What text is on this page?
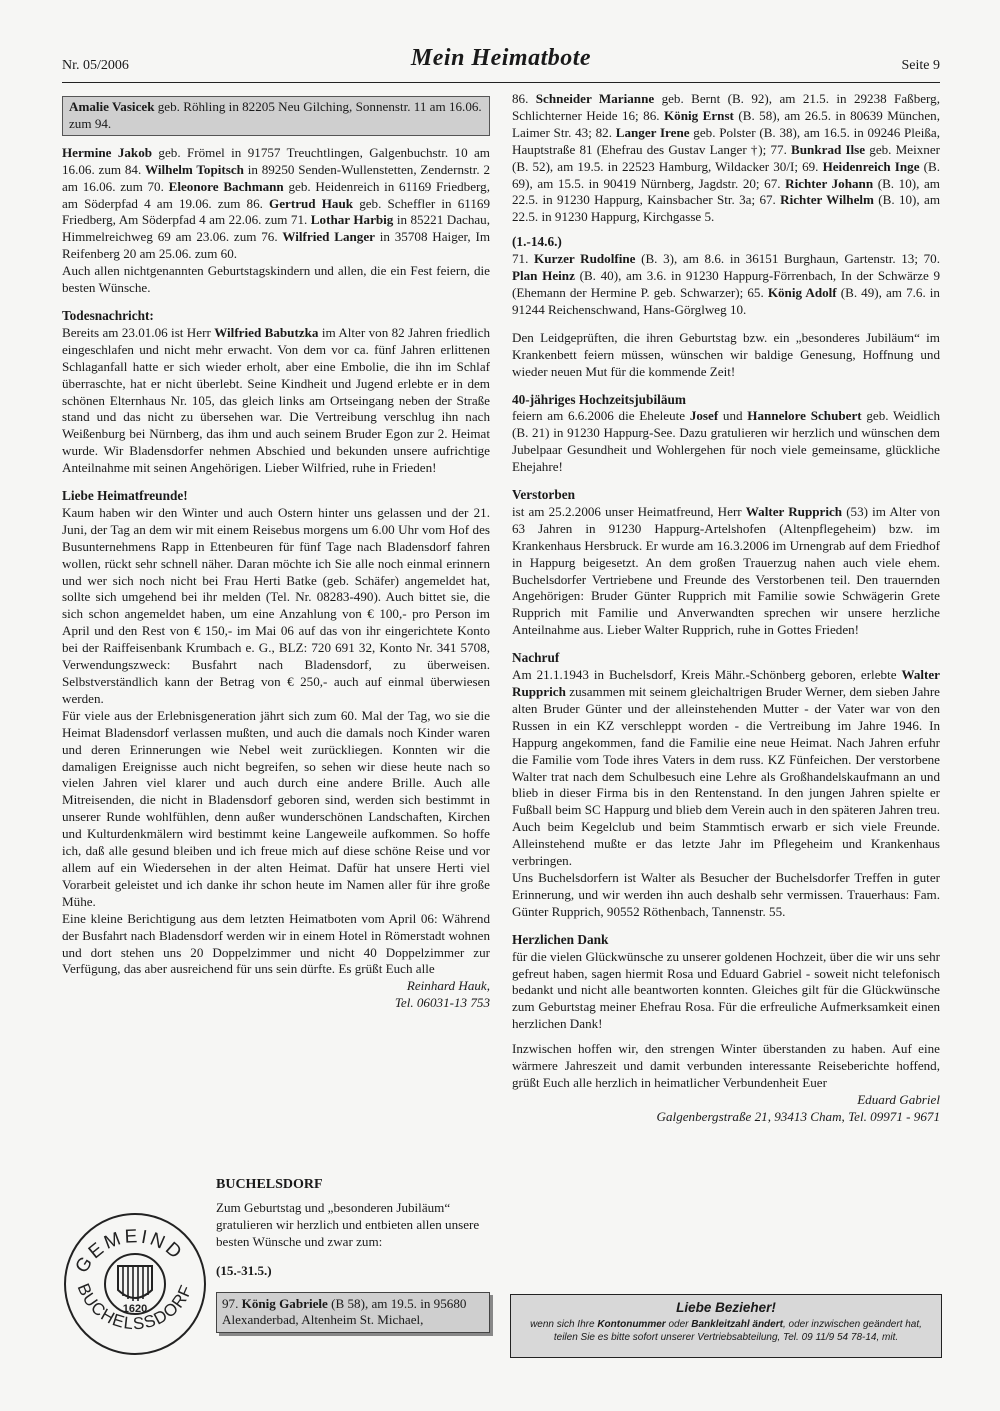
Nr. 05/2006	Mein Heimatbote	Seite 9
Amalie Vasicek geb. Röhling in 82205 Neu Gilching, Sonnenstr. 11 am 16.06. zum 94.

Hermine Jakob geb. Frömel in 91757 Treuchtlingen, Galgenbuchstr. 10 am 16.06. zum 84. Wilhelm Topitsch in 89250 Senden-Wullenstetten, Zendernstr. 2 am 16.06. zum 70. Eleonore Bachmann geb. Heidenreich in 61169 Friedberg, am Söderpfad 4 am 19.06. zum 86. Gertrud Hauk geb. Scheffler in 61169 Friedberg, Am Söderpfad 4 am 22.06. zum 71. Lothar Harbig in 85221 Dachau, Himmelreichweg 69 am 23.06. zum 76. Wilfried Langer in 35708 Haiger, Im Reifenberg 20 am 25.06. zum 60.

Auch allen nichtgenannten Geburtstagskindern und allen, die ein Fest feiern, die besten Wünsche.

Todesnachricht:

Bereits am 23.01.06 ist Herr Wilfried Babutzka im Alter von 82 Jahren friedlich eingeschlafen und nicht mehr erwacht. Von dem vor ca. fünf Jahren erlittenen Schlaganfall hatte er sich wieder erholt, aber eine Embolie, die ihn im Schlaf überraschte, hat er nicht überlebt. Seine Kindheit und Jugend erlebte er in dem schönen Elternhaus Nr. 105, das gleich links am Ortseingang neben der Straße stand und das nicht zu übersehen war. Die Vertreibung verschlug ihn nach Weißenburg bei Nürnberg, das ihm und auch seinem Bruder Egon zur 2. Heimat wurde. Wir Bladensdorfer nehmen Abschied und bekunden unsere aufrichtige Anteilnahme mit seinen Angehörigen. Lieber Wilfried, ruhe in Frieden!

Liebe Heimatfreunde!

Kaum haben wir den Winter und auch Ostern hinter uns gelassen und der 21. Juni, der Tag an dem wir mit einem Reisebus morgens um 6.00 Uhr vom Hof des Busunternehmens Rapp in Ettenbeuren für fünf Tage nach Bladensdorf fahren wollen, rückt sehr schnell näher. Daran möchte ich Sie alle noch einmal erinnern und wer sich noch nicht bei Frau Herti Batke (geb. Schäfer) angemeldet hat, sollte sich umgehend bei ihr melden (Tel. Nr. 08283-490). Auch bittet sie, die sich schon angemeldet haben, um eine Anzahlung von € 100,- pro Person im April und den Rest von € 150,- im Mai 06 auf das von ihr eingerichtete Konto bei der Raiffeisenbank Krumbach e. G., BLZ: 720 691 32, Konto Nr. 341 5708, Verwendungszweck: Busfahrt nach Bladensdorf, zu überweisen. Selbstverständlich kann der Betrag von € 250,- auch auf einmal überwiesen werden.

Für viele aus der Erlebnisgeneration jährt sich zum 60. Mal der Tag, wo sie die Heimat Bladensdorf verlassen mußten, und auch die damals noch Kinder waren und deren Erinnerungen wie Nebel weit zurückliegen. Konnten wir die damaligen Ereignisse auch nicht begreifen, so sehen wir diese heute nach so vielen Jahren viel klarer und auch durch eine andere Brille. Auch alle Mitreisenden, die nicht in Bladensdorf geboren sind, werden sich bestimmt in unserer Runde wohlfühlen, denn außer wunderschönen Landschaften, Kirchen und Kulturdenkmälern wird bestimmt keine Langeweile aufkommen. So hoffe ich, daß alle gesund bleiben und ich freue mich auf diese schöne Reise und vor allem auf ein Wiedersehen in der alten Heimat. Dafür hat unsere Herti viel Vorarbeit geleistet und ich danke ihr schon heute im Namen aller für ihre große Mühe.

Eine kleine Berichtigung aus dem letzten Heimatboten vom April 06: Während der Busfahrt nach Bladensdorf werden wir in einem Hotel in Römerstadt wohnen und dort stehen uns 20 Doppelzimmer und nicht 40 Doppelzimmer zur Verfügung, das aber ausreichend für uns sein dürfte. Es grüßt Euch alle

Reinhard Hauk,
Tel. 06031-13 753
GEMEIND
BUCHELSSDORF
1620
BUCHELSDORF

Zum Geburtstag und „besonderen Jubiläum“ gratulieren wir herzlich und entbieten allen unsere besten Wünsche und zwar zum:

(15.-31.5.)
97. König Gabriele (B 58), am 19.5. in 95680 Alexanderbad, Altenheim St. Michael,

86. Schneider Marianne geb. Bernt (B. 92), am 21.5. in 29238 Faßberg, Schlichterner Heide 16; 86. König Ernst (B. 58), am 26.5. in 80639 München, Laimer Str. 43; 82. Langer Irene geb. Polster (B. 38), am 16.5. in 09246 Pleißa, Hauptstraße 81 (Ehefrau des Gustav Langer †); 77. Bunkrad Ilse geb. Meixner (B. 52), am 19.5. in 22523 Hamburg, Wildacker 30/I; 69. Heidenreich Inge (B. 69), am 15.5. in 90419 Nürnberg, Jagdstr. 20; 67. Richter Johann (B. 10), am 22.5. in 91230 Happurg, Kainsbacher Str. 3a; 67. Richter Wilhelm (B. 10), am 22.5. in 91230 Happurg, Kirchgasse 5.

(1.-14.6.)

71. Kurzer Rudolfine (B. 3), am 8.6. in 36151 Burghaun, Gartenstr. 13; 70. Plan Heinz (B. 40), am 3.6. in 91230 Happurg-Förrenbach, In der Schwärze 9 (Ehemann der Hermine P. geb. Schwarzer); 65. König Adolf (B. 49), am 7.6. in 91244 Reichenschwand, Hans-Görglweg 10.

Den Leidgeprüften, die ihren Geburtstag bzw. ein „besonderes Jubiläum“ im Krankenbett feiern müssen, wünschen wir baldige Genesung, Hoffnung und wieder neuen Mut für die kommende Zeit!

40-jähriges Hochzeitsjubiläum

feiern am 6.6.2006 die Eheleute Josef und Hannelore Schubert geb. Weidlich (B. 21) in 91230 Happurg-See. Dazu gratulieren wir herzlich und wünschen dem Jubelpaar Gesundheit und Wohlergehen für noch viele gemeinsame, glückliche Ehejahre!

Verstorben

ist am 25.2.2006 unser Heimatfreund, Herr Walter Rupprich (53) im Alter von 63 Jahren in 91230 Happurg-Artelshofen (Altenpflegeheim) bzw. im Krankenhaus Hersbruck. Er wurde am 16.3.2006 im Urnengrab auf dem Friedhof in Happurg beigesetzt. An dem großen Trauerzug nahen auch viele ehem. Buchelsdorfer Vertriebene und Freunde des Verstorbenen teil. Den trauernden Angehörigen: Bruder Günter Rupprich mit Familie sowie Schwägerin Grete Rupprich mit Familie und Anverwandten sprechen wir unsere herzliche Anteilnahme aus. Lieber Walter Rupprich, ruhe in Gottes Frieden!

Nachruf

Am 21.1.1943 in Buchelsdorf, Kreis Mähr.-Schönberg geboren, erlebte Walter Rupprich zusammen mit seinem gleichaltrigen Bruder Werner, dem sieben Jahre alten Bruder Günter und der alleinstehenden Mutter - der Vater war von den Russen in ein KZ verschleppt worden - die Vertreibung im Jahre 1946. In Happurg angekommen, fand die Familie eine neue Heimat. Nach Jahren erfuhr die Familie vom Tode ihres Vaters in dem russ. KZ Fünfeichen. Der verstorbene Walter trat nach dem Schulbesuch eine Lehre als Großhandelskaufmann an und blieb in dieser Firma bis in den Rentenstand. In den jungen Jahren spielte er Fußball beim SC Happurg und blieb dem Verein auch in den späteren Jahren treu. Auch beim Kegelclub und beim Stammtisch erwarb er sich viele Freunde. Alleinstehend mußte er das letzte Jahr im Pflegeheim und Krankenhaus verbringen.

Uns Buchelsdorfern ist Walter als Besucher der Buchelsdorfer Treffen in guter Erinnerung, und wir werden ihn auch deshalb sehr vermissen. Trauerhaus: Fam. Günter Rupprich, 90552 Röthenbach, Tannenstr. 55.

Herzlichen Dank

für die vielen Glückwünsche zu unserer goldenen Hochzeit, über die wir uns sehr gefreut haben, sagen hiermit Rosa und Eduard Gabriel - soweit nicht telefonisch bedankt und nicht alle beantworten konnten. Gleiches gilt für die Glückwünsche zum Geburtstag meiner Ehefrau Rosa. Für die erfreuliche Aufmerksamkeit einen herzlichen Dank!

Inzwischen hoffen wir, den strengen Winter überstanden zu haben. Auf eine wärmere Jahreszeit und damit verbunden interessante Reiseberichte hoffend, grüßt Euch alle herzlich in heimatlicher Verbundenheit Euer

Eduard Gabriel
Galgenbergstraße 21, 93413 Cham, Tel. 09971 - 9671
Liebe Bezieher!
wenn sich Ihre Kontonummer oder Bankleitzahl ändert, oder inzwischen geändert hat, teilen Sie es bitte sofort unserer Vertriebsabteilung, Tel. 09 11/9 54 78-14, mit.
